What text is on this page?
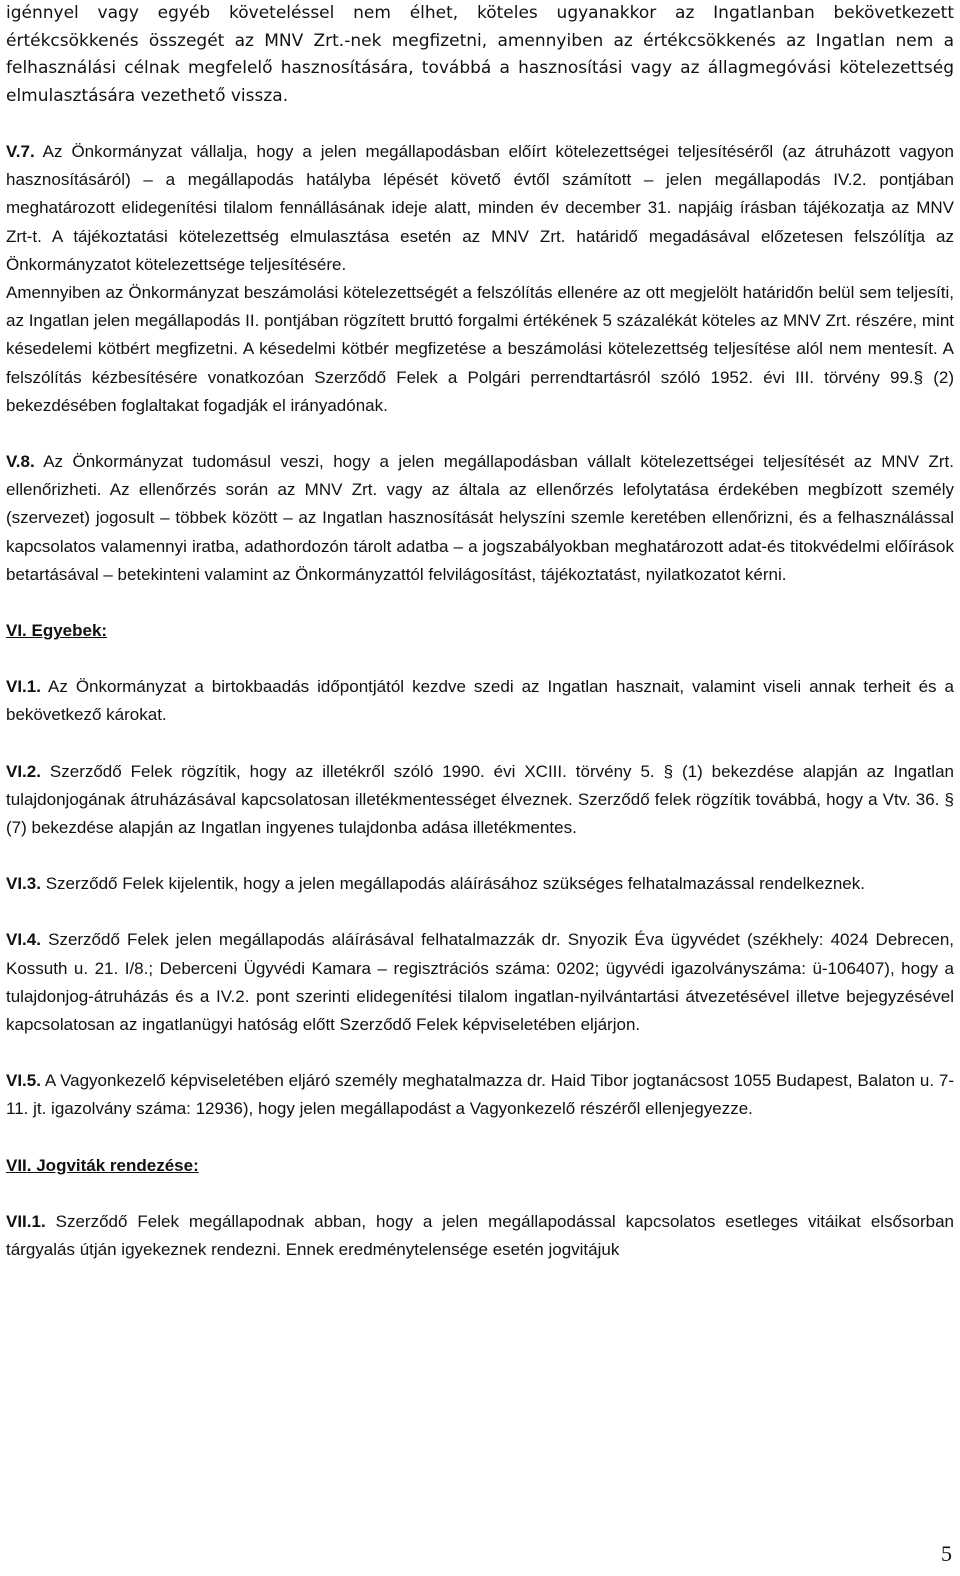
igénnyel vagy egyéb követeléssel nem élhet, köteles ugyanakkor az Ingatlanban bekövetkezett értékcsökkenés összegét az MNV Zrt.-nek megfizetni, amennyiben az értékcsökkenés az Ingatlan nem a felhasználási célnak megfelelő hasznosítására, továbbá a hasznosítási vagy az állagmegóvási kötelezettség elmulasztására vezethető vissza.

V.7. Az Önkormányzat vállalja, hogy a jelen megállapodásban előírt kötelezettségei teljesítéséről (az átruházott vagyon hasznosításáról) – a megállapodás hatályba lépését követő évtől számított – jelen megállapodás IV.2. pontjában meghatározott elidegenítési tilalom fennállásának ideje alatt, minden év december 31. napjáig írásban tájékozatja az MNV Zrt-t. A tájékoztatási kötelezettség elmulasztása esetén az MNV Zrt. határidő megadásával előzetesen felszólítja az Önkormányzatot kötelezettsége teljesítésére.

Amennyiben az Önkormányzat beszámolási kötelezettségét a felszólítás ellenére az ott megjelölt határidőn belül sem teljesíti, az Ingatlan jelen megállapodás II. pontjában rögzített bruttó forgalmi értékének 5 százalékát köteles az MNV Zrt. részére, mint késedelemi kötbért megfizetni. A késedelmi kötbér megfizetése a beszámolási kötelezettség teljesítése alól nem mentesít. A felszólítás kézbesítésére vonatkozóan Szerződő Felek a Polgári perrendtartásról szóló 1952. évi III. törvény 99.§ (2) bekezdésében foglaltakat fogadják el irányadónak.

V.8. Az Önkormányzat tudomásul veszi, hogy a jelen megállapodásban vállalt kötelezettségei teljesítését az MNV Zrt. ellenőrizheti. Az ellenőrzés során az MNV Zrt. vagy az általa az ellenőrzés lefolytatása érdekében megbízott személy (szervezet) jogosult – többek között – az Ingatlan hasznosítását helyszíni szemle keretében ellenőrizni, és a felhasználással kapcsolatos valamennyi iratba, adathordozón tárolt adatba – a jogszabályokban meghatározott adat-és titokvédelmi előírások betartásával – betekinteni valamint az Önkormányzattól felvilágosítást, tájékoztatást, nyilatkozatot kérni.

VI. Egyebek:

VI.1. Az Önkormányzat a birtokbaadás időpontjától kezdve szedi az Ingatlan hasznait, valamint viseli annak terheit és a bekövetkező károkat.

VI.2. Szerződő Felek rögzítik, hogy az illetékről szóló 1990. évi XCIII. törvény 5. § (1) bekezdése alapján az Ingatlan tulajdonjogának átruházásával kapcsolatosan illetékmentességet élveznek. Szerződő felek rögzítik továbbá, hogy a Vtv. 36. § (7) bekezdése alapján az Ingatlan ingyenes tulajdonba adása illetékmentes.

VI.3. Szerződő Felek kijelentik, hogy a jelen megállapodás aláírásához szükséges felhatalmazással rendelkeznek.

VI.4. Szerződő Felek jelen megállapodás aláírásával felhatalmazzák dr. Snyozik Éva ügyvédet (székhely: 4024 Debrecen, Kossuth u. 21. I/8.; Deberceni Ügyvédi Kamara – regisztrációs száma: 0202; ügyvédi igazolványszáma: ü-106407), hogy a tulajdonjog-átruházás és a IV.2. pont szerinti elidegenítési tilalom ingatlan-nyilvántartási átvezetésével illetve bejegyzésével kapcsolatosan az ingatlanügyi hatóság előtt Szerződő Felek képviseletében eljárjon.

VI.5. A Vagyonkezelő képviseletében eljáró személy meghatalmazza dr. Haid Tibor jogtanácsost 1055 Budapest, Balaton u. 7-11. jt. igazolvány száma: 12936), hogy jelen megállapodást a Vagyonkezelő részéről ellenjegyezze.

VII. Jogviták rendezése:

VII.1. Szerződő Felek megállapodnak abban, hogy a jelen megállapodással kapcsolatos esetleges vitáikat elsősorban tárgyalás útján igyekeznek rendezni. Ennek eredménytelensége esetén jogvitájuk

5
